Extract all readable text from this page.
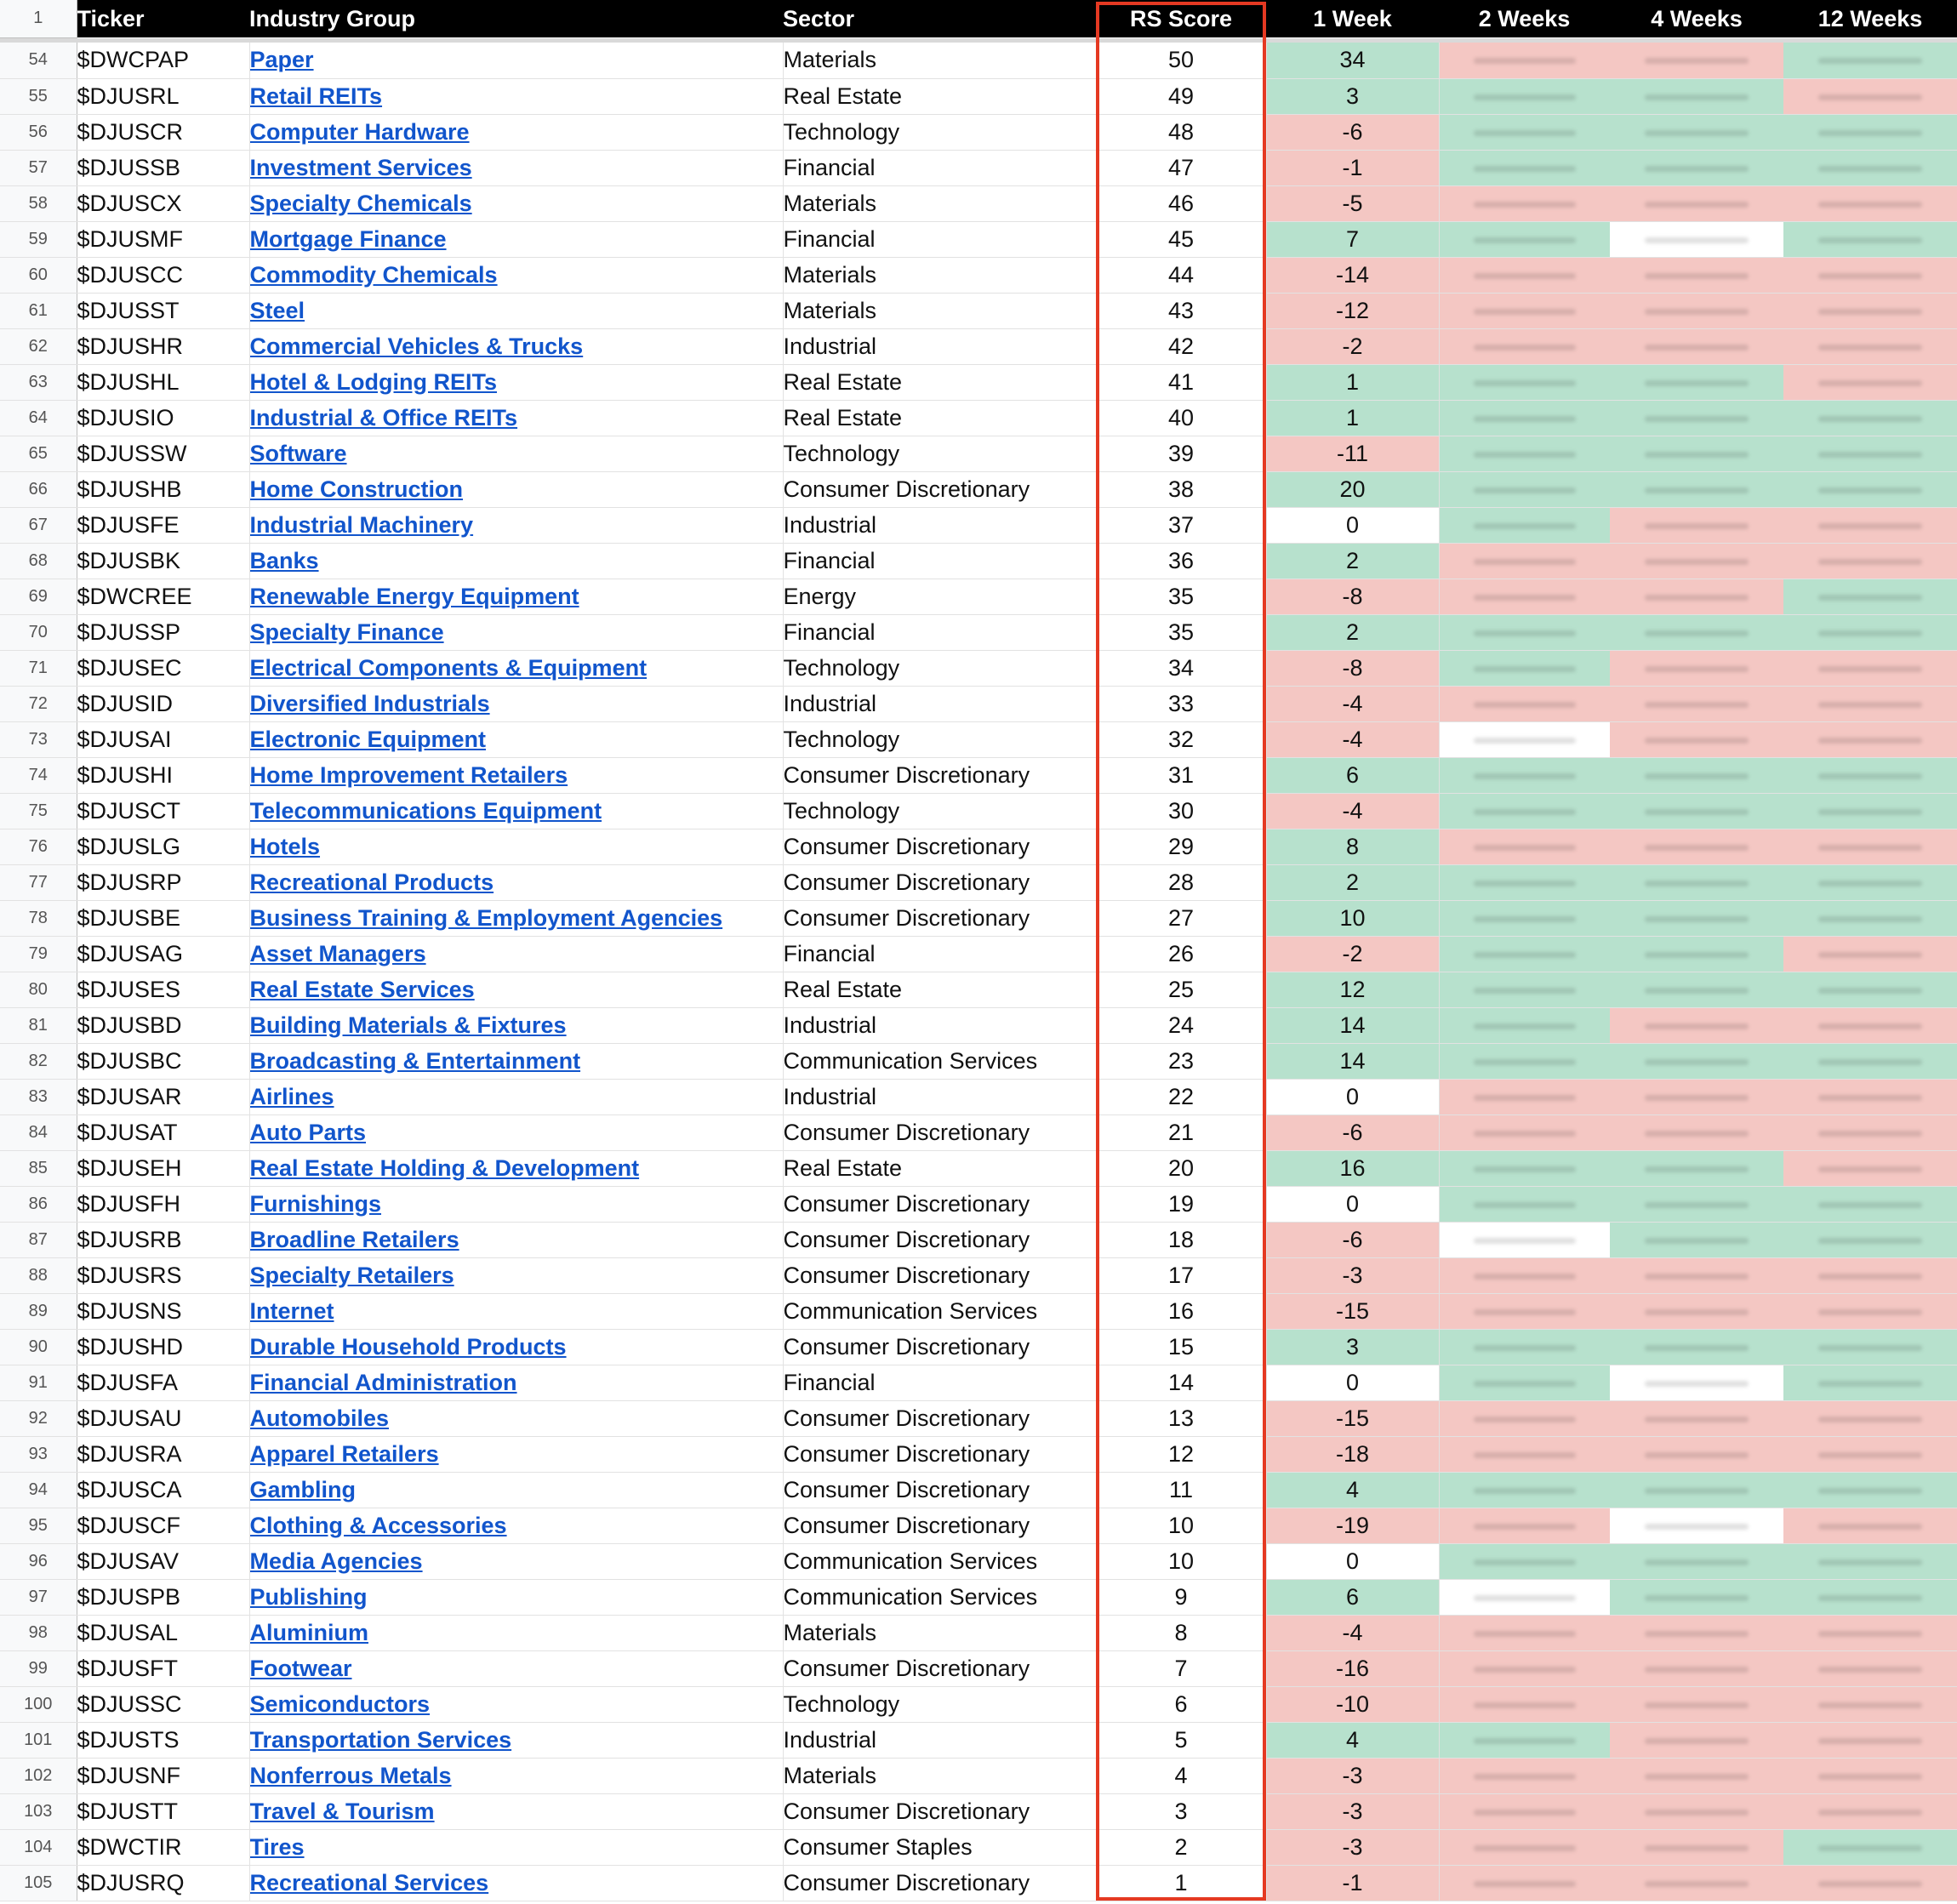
1	Ticker	Industry Group	Sector	RS Score	1 Week	2 Weeks	4 Weeks	12 Weeks

54	$DWCPAP	Paper	Materials	50	34	

55	$DJUSRL	Retail REITs	Real Estate	49	3	

56	$DJUSCR	Computer Hardware	Technology	48	-6	

57	$DJUSSB	Investment Services	Financial	47	-1	

58	$DJUSCX	Specialty Chemicals	Materials	46	-5	

59	$DJUSMF	Mortgage Finance	Financial	45	7	

60	$DJUSCC	Commodity Chemicals	Materials	44	-14	

61	$DJUSST	Steel	Materials	43	-12	

62	$DJUSHR	Commercial Vehicles & Trucks	Industrial	42	-2	

63	$DJUSHL	Hotel & Lodging REITs	Real Estate	41	1	

64	$DJUSIO	Industrial & Office REITs	Real Estate	40	1	

65	$DJUSSW	Software	Technology	39	-11	

66	$DJUSHB	Home Construction	Consumer Discretionary	38	20	

67	$DJUSFE	Industrial Machinery	Industrial	37	0	

68	$DJUSBK	Banks	Financial	36	2	

69	$DWCREE	Renewable Energy Equipment	Energy	35	-8	

70	$DJUSSP	Specialty Finance	Financial	35	2	

71	$DJUSEC	Electrical Components & Equipment	Technology	34	-8	

72	$DJUSID	Diversified Industrials	Industrial	33	-4	

73	$DJUSAI	Electronic Equipment	Technology	32	-4	

74	$DJUSHI	Home Improvement Retailers	Consumer Discretionary	31	6	

75	$DJUSCT	Telecommunications Equipment	Technology	30	-4	

76	$DJUSLG	Hotels	Consumer Discretionary	29	8	

77	$DJUSRP	Recreational Products	Consumer Discretionary	28	2	

78	$DJUSBE	Business Training & Employment Agencies	Consumer Discretionary	27	10	

79	$DJUSAG	Asset Managers	Financial	26	-2	

80	$DJUSES	Real Estate Services	Real Estate	25	12	

81	$DJUSBD	Building Materials & Fixtures	Industrial	24	14	

82	$DJUSBC	Broadcasting & Entertainment	Communication Services	23	14	

83	$DJUSAR	Airlines	Industrial	22	0	

84	$DJUSAT	Auto Parts	Consumer Discretionary	21	-6	

85	$DJUSEH	Real Estate Holding & Development	Real Estate	20	16	

86	$DJUSFH	Furnishings	Consumer Discretionary	19	0	

87	$DJUSRB	Broadline Retailers	Consumer Discretionary	18	-6	

88	$DJUSRS	Specialty Retailers	Consumer Discretionary	17	-3	

89	$DJUSNS	Internet	Communication Services	16	-15	

90	$DJUSHD	Durable Household Products	Consumer Discretionary	15	3	

91	$DJUSFA	Financial Administration	Financial	14	0	

92	$DJUSAU	Automobiles	Consumer Discretionary	13	-15	

93	$DJUSRA	Apparel Retailers	Consumer Discretionary	12	-18	

94	$DJUSCA	Gambling	Consumer Discretionary	11	4	

95	$DJUSCF	Clothing & Accessories	Consumer Discretionary	10	-19	

96	$DJUSAV	Media Agencies	Communication Services	10	0	

97	$DJUSPB	Publishing	Communication Services	9	6	

98	$DJUSAL	Aluminium	Materials	8	-4	

99	$DJUSFT	Footwear	Consumer Discretionary	7	-16	

100	$DJUSSC	Semiconductors	Technology	6	-10	

101	$DJUSTS	Transportation Services	Industrial	5	4	

102	$DJUSNF	Nonferrous Metals	Materials	4	-3	

103	$DJUSTT	Travel & Tourism	Consumer Discretionary	3	-3	

104	$DWCTIR	Tires	Consumer Staples	2	-3	

105	$DJUSRQ	Recreational Services	Consumer Discretionary	1	-1	
